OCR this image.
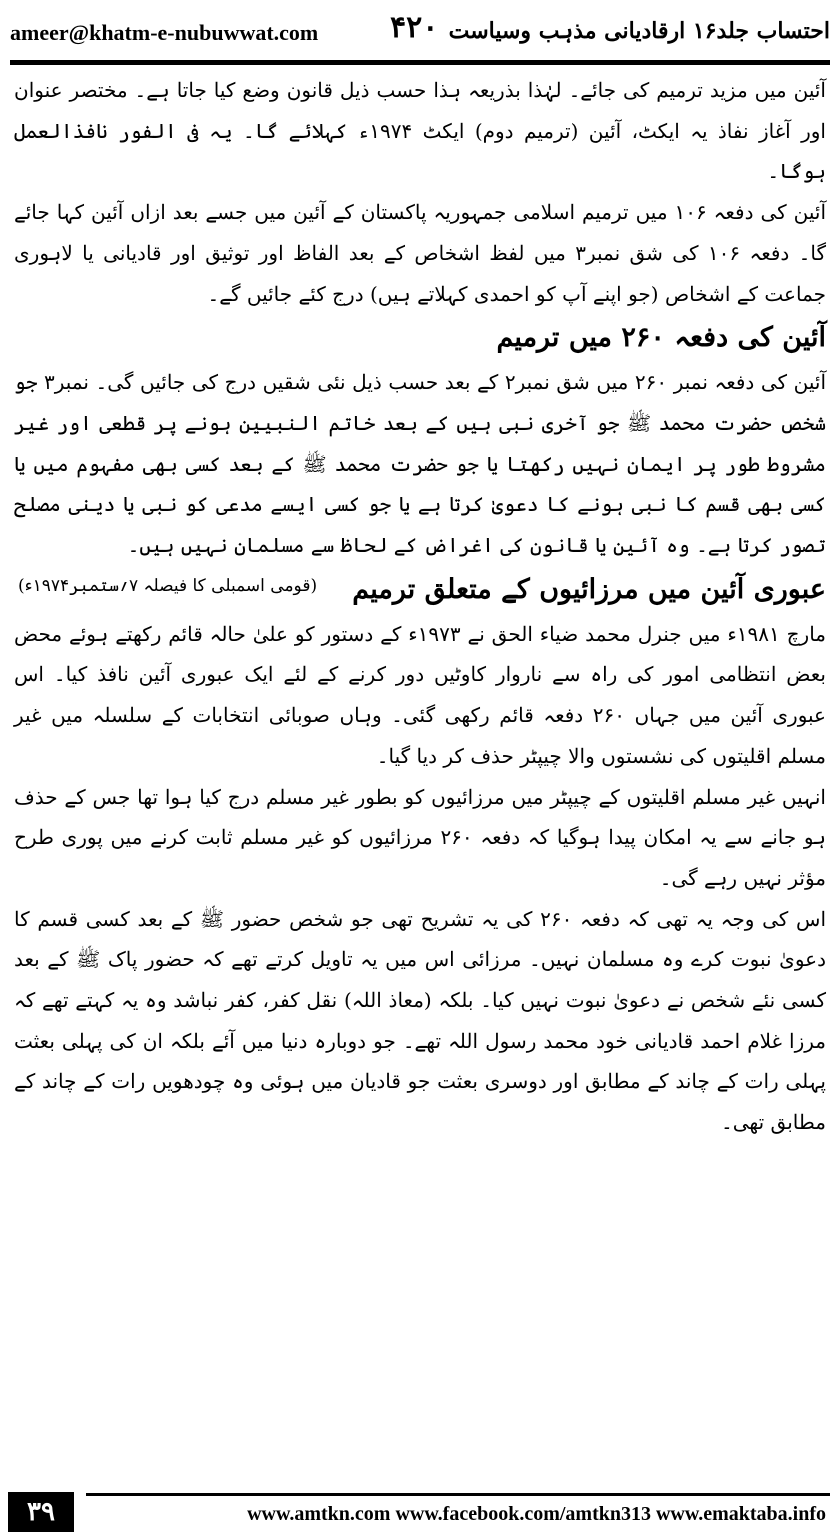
ameer@khatm-e-nubuwwat.com ۴۲۰ احتساب جلد۱۶ ارقادیانی مذہب وسیاست
آئین میں مزید ترمیم کی جائے۔ لہٰذا بذریعہ ہذا حسب ذیل قانون وضع کیا جاتا ہے۔ مختصر عنوان اور آغاز نفاذ یہ ایکٹ، آئین (ترمیم دوم) ایکٹ ۱۹۷۴ء کہلائے گا۔ یہ فی الفور نافذالعمل ہوگا۔
آئین کی دفعہ ۱۰۶ میں ترمیم اسلامی جمہوریہ پاکستان کے آئین میں جسے بعد ازاں آئین کہا جائے گا۔ دفعہ ۱۰۶ کی شق نمبر۳ میں لفظ اشخاص کے بعد الفاظ اور توثیق اور قادیانی یا لاہوری جماعت کے اشخاص (جو اپنے آپ کو احمدی کہلاتے ہیں) درج کئے جائیں گے۔
آئین کی دفعہ ۲۶۰ میں ترمیم
آئین کی دفعہ نمبر ۲۶۰ میں شق نمبر۲ کے بعد حسب ذیل نئی شقیں درج کی جائیں گی۔ نمبر۳ جو شخص حضرت محمد ﷺ جو آخری نبی ہیں کے بعد خاتم النبیین ہونے پر قطعی اور غیر مشروط طور پر ایمان نہیں رکھتا یا جو حضرت محمد ﷺ کے بعد کسی بھی مفہوم میں یا کسی بھی قسم کا نبی ہونے کا دعویٰ کرتا ہے یا جو کسی ایسے مدعی کو نبی یا دینی مصلح تصور کرتا ہے۔ وہ آئین یا قانون کی اغراض کے لحاظ سے مسلمان نہیں ہیں۔
(قومی اسمبلی کا فیصلہ ۷؍ستمبر۱۹۷۴ء)	عبوری آئین میں مرزائیوں کے متعلق ترمیم
مارچ ۱۹۸۱ء میں جنرل محمد ضیاء الحق نے ۱۹۷۳ء کے دستور کو علیٰ حالہ قائم رکھتے ہوئے محض بعض انتظامی امور کی راہ سے ناروار کاوٹیں دور کرنے کے لئے ایک عبوری آئین نافذ کیا۔ اس عبوری آئین میں جہاں ۲۶۰ دفعہ قائم رکھی گئی۔ وہاں صوبائی انتخابات کے سلسلہ میں غیر مسلم اقلیتوں کی نشستوں والا چیپٹر حذف کر دیا گیا۔
انہیں غیر مسلم اقلیتوں کے چیپٹر میں مرزائیوں کو بطور غیر مسلم درج کیا ہوا تھا جس کے حذف ہو جانے سے یہ امکان پیدا ہوگیا کہ دفعہ ۲۶۰ مرزائیوں کو غیر مسلم ثابت کرنے میں پوری طرح مؤثر نہیں رہے گی۔
اس کی وجہ یہ تھی کہ دفعہ ۲۶۰ کی یہ تشریح تھی جو شخص حضور ﷺ کے بعد کسی قسم کا دعویٰ نبوت کرے وہ مسلمان نہیں۔ مرزائی اس میں یہ تاویل کرتے تھے کہ حضور پاک ﷺ کے بعد کسی نئے شخص نے دعویٰ نبوت نہیں کیا۔ بلکہ (معاذ اللہ) نقل کفر، کفر نباشد وہ یہ کہتے تھے کہ مرزا غلام احمد قادیانی خود محمد رسول اللہ تھے۔ جو دوبارہ دنیا میں آئے بلکہ ان کی پہلی بعثت پہلی رات کے چاند کے مطابق اور دوسری بعثت جو قادیان میں ہوئی وہ چودھویں رات کے چاند کے مطابق تھی۔
۳۹	www.amtkn.com www.facebook.com/amtkn313 www.emaktaba.info
